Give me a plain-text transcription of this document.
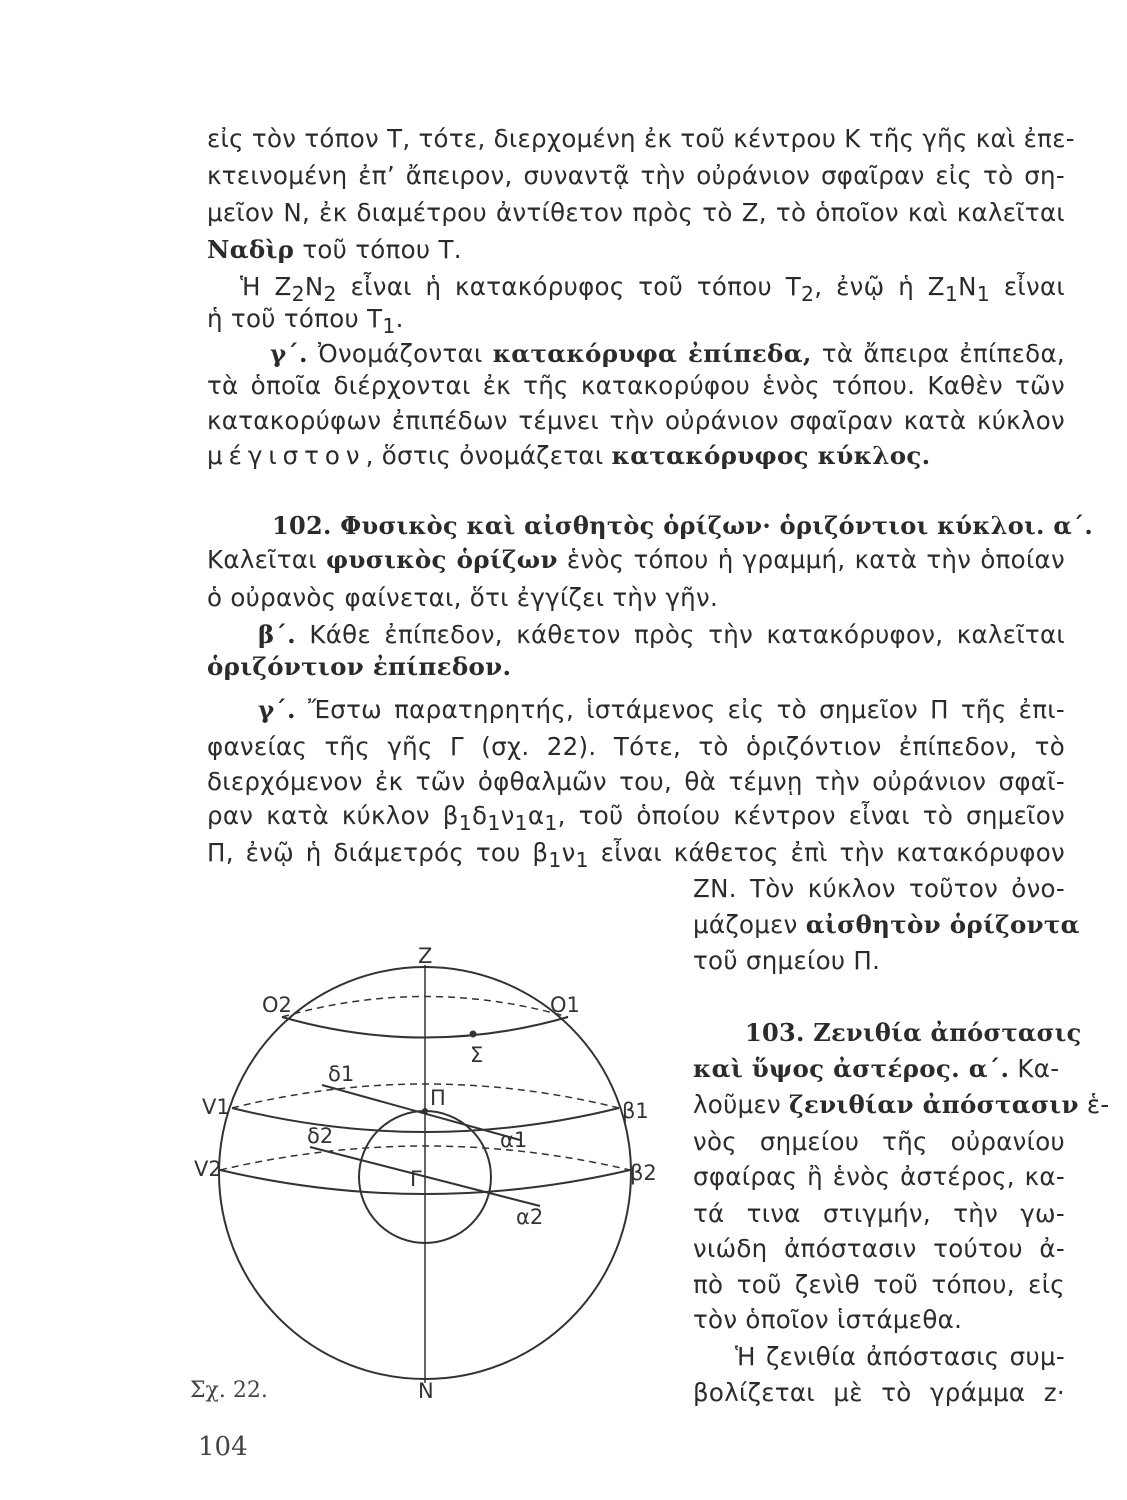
εἰς τὸν τόπον Τ, τότε, διερχομένη ἐκ τοῦ κέντρου Κ τῆς γῆς καὶ ἐπε-
κτεινομένη ἐπ’ ἄπειρον, συναντᾷ τὴν οὐράνιον σφαῖραν εἰς τὸ ση-
μεῖον Ν, ἐκ διαμέτρου ἀντίθετον πρὸς τὸ Ζ, τὸ ὁποῖον καὶ καλεῖται
Ναδὶρ τοῦ τόπου Τ.
Ἡ $Z_2N_2$ εἶναι ἡ κατακόρυφος τοῦ τόπου $T_2$, ἐνῷ ἡ $Z_1N_1$ εἶναι
ἡ τοῦ τόπου $T_1$.
γ΄. Ὀνομάζονται κατακόρυφα ἐπίπεδα, τὰ ἄπειρα ἐπίπεδα,
τὰ ὁποῖα διέρχονται ἐκ τῆς κατακορύφου ἑνὸς τόπου. Καθὲν τῶν
κατακορύφων ἐπιπέδων τέμνει τὴν οὐράνιον σφαῖραν κατὰ κύκλον
μέγιστον, ὅστις ὀνομάζεται κατακόρυφος κύκλος.
102. Φυσικὸς καὶ αἰσθητὸς ὁρίζων· ὁριζόντιοι κύκλοι. α΄.
Καλεῖται φυσικὸς ὁρίζων ἑνὸς τόπου ἡ γραμμή, κατὰ τὴν ὁποίαν
ὁ οὐρανὸς φαίνεται, ὅτι ἐγγίζει τὴν γῆν.
β΄. Κάθε ἐπίπεδον, κάθετον πρὸς τὴν κατακόρυφον, καλεῖται
ὁριζόντιον ἐπίπεδον.
γ΄. Ἔστω παρατηρητής, ἱστάμενος εἰς τὸ σημεῖον Π τῆς ἐπι-
φανείας τῆς γῆς Γ (σχ. 22). Τότε, τὸ ὁριζόντιον ἐπίπεδον, τὸ
διερχόμενον ἐκ τῶν ὀφθαλμῶν του, θὰ τέμνῃ τὴν οὐράνιον σφαῖ-
ραν κατὰ κύκλον $\beta_1\delta_1\nu_1\alpha_1$, τοῦ ὁποίου κέντρον εἶναι τὸ σημεῖον
Π, ἐνῷ ἡ διάμετρός του $\beta_1\nu_1$ εἶναι κάθετος ἐπὶ τὴν κατακόρυφον
ΖΝ. Τὸν κύκλον τοῦτον ὀνο-
μάζομεν αἰσθητὸν ὁρίζοντα
τοῦ σημείου Π.
103. Ζενιθία ἀπόστασις
καὶ ὕψος ἀστέρος. α΄. Κα-
λοῦμεν ζενιθίαν ἀπόστασιν ἑ-
νὸς σημείου τῆς οὐρανίου
σφαίρας ἢ ἑνὸς ἀστέρος, κα-
τά τινα στιγμήν, τὴν γω-
νιώδη ἀπόστασιν τούτου ἀ-
πὸ τοῦ ζενὶθ τοῦ τόπου, εἰς
τὸν ὁποῖον ἱστάμεθα.
Ἡ ζενιθία ἀπόστασις συμ-
βολίζεται μὲ τὸ γράμμα z·
Z
N
O2	O1
Σ
δ1
Π
V1	β1
δ2	α1
V2	Γ	β2
α2
Σχ. 22.
104
